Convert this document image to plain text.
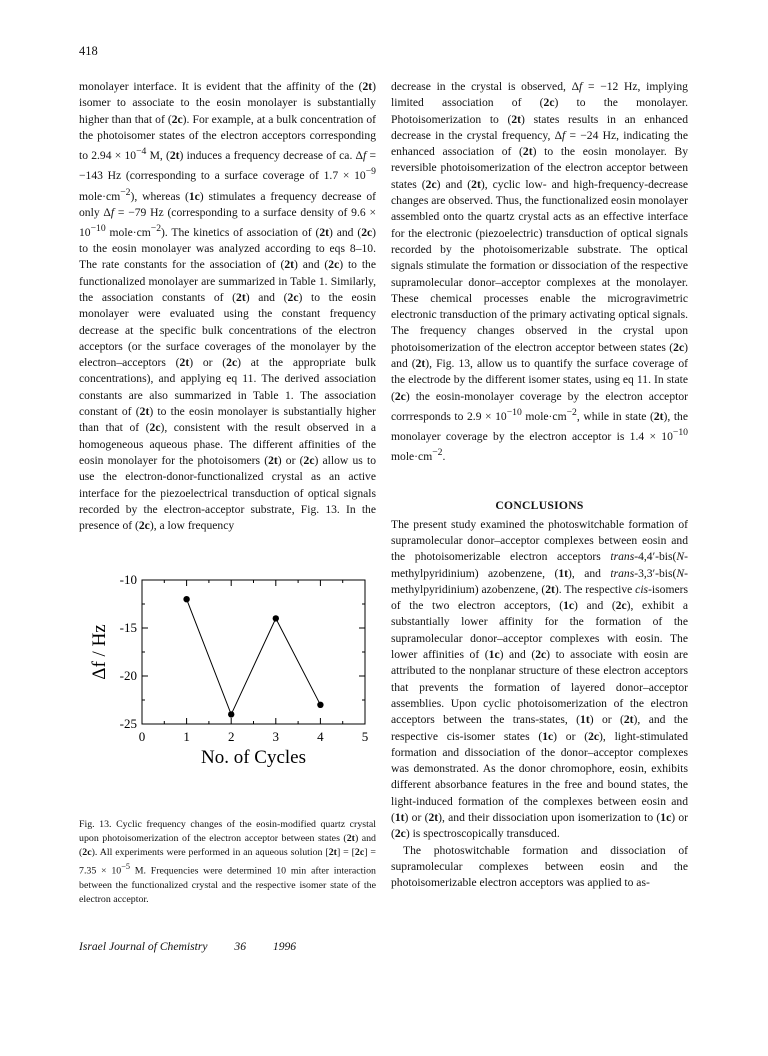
418

monolayer interface. It is evident that the affinity of the (2t) isomer to associate to the eosin monolayer is substantially higher than that of (2c). For example, at a bulk concentration of the photoisomer states of the electron acceptors corresponding to $2.94 \times 10^{-4}$ M, (2t) induces a frequency decrease of ca. Δf = −143 Hz (corresponding to a surface coverage of $1.7 \times 10^{-9}$ $mole\cdot cm^{-2}$), whereas (1c) stimulates a frequency decrease of only Δf = −79 Hz (corresponding to a surface density of $9.6 \times 10^{-10}$ $mole\cdot cm^{-2}$). The kinetics of association of (2t) and (2c) to the eosin monolayer was analyzed according to eqs 8–10. The rate constants for the association of (2t) and (2c) to the functionalized monolayer are summarized in Table 1. Similarly, the association constants of (2t) and (2c) to the eosin monolayer were evaluated using the constant frequency decrease at the specific bulk concentrations of the electron acceptors (or the surface coverages of the monolayer by the electron–acceptors (2t) or (2c) at the appropriate bulk concentrations), and applying eq 11. The derived association constants are also summarized in Table 1. The association constant of (2t) to the eosin monolayer is substantially higher than that of (2c), consistent with the result observed in a homogeneous aqueous phase. The different affinities of the eosin monolayer for the photoisomers (2t) or (2c) allow us to use the electron-donor-functionalized crystal as an active interface for the piezoelectrical transduction of optical signals recorded by the electron-acceptor substrate, Fig. 13. In the presence of (2c), a low frequency

decrease in the crystal is observed, Δf = −12 Hz, implying limited association of (2c) to the monolayer. Photoisomerization to (2t) states results in an enhanced decrease in the crystal frequency, Δf = −24 Hz, indicating the enhanced association of (2t) to the eosin monolayer. By reversible photoisomerization of the electron acceptor between states (2c) and (2t), cyclic low- and high-frequency-decrease changes are observed. Thus, the functionalized eosin monolayer assembled onto the quartz crystal acts as an effective interface for the electronic (piezoelectric) transduction of optical signals recorded by the photoisomerizable substrate. The optical signals stimulate the formation or dissociation of the respective supramolecular donor–acceptor complexes at the monolayer. These chemical processes enable the microgravimetric electronic transduction of the primary activating optical signals. The frequency changes observed in the crystal upon photoisomerization of the electron acceptor between states (2c) and (2t), Fig. 13, allow us to quantify the surface coverage of the electrode by the different isomer states, using eq 11. In state (2c) the eosin-monolayer coverage by the electron acceptor corrresponds to $2.9 \times 10^{-10}$ $mole\cdot cm^{-2}$, while in state (2t), the monolayer coverage by the electron acceptor is $1.4 \times 10^{-10}$ $mole\cdot cm^{-2}$.

CONCLUSIONS

The present study examined the photoswitchable formation of supramolecular donor–acceptor complexes between eosin and the photoisomerizable electron acceptors trans-4,4′-bis(N-methylpyridinium) azobenzene, (1t), and trans-3,3′-bis(N-methylpyridinium) azobenzene, (2t). The respective cis-isomers of the two electron acceptors, (1c) and (2c), exhibit a substantially lower affinity for the formation of the supramolecular donor–acceptor complexes with eosin. The lower affinities of (1c) and (2c) to associate with eosin are attributed to the nonplanar structure of these electron acceptors that prevents the formation of layered donor–acceptor assemblies. Upon cyclic photoisomerization of the electron acceptors between the trans-states, (1t) or (2t), and the respective cis-isomer states (1c) or (2c), light-stimulated formation and dissociation of the donor–acceptor complexes was demonstrated. As the donor chromophore, eosin, exhibits different absorbance features in the free and bound states, the light-induced formation of the complexes between eosin and (1t) or (2t), and their dissociation upon isomerization to (1c) or (2c) is spectroscopically transduced.

The photoswitchable formation and dissociation of supramolecular complexes between eosin and the photoisomerizable electron acceptors was applied to as-

0	1	2	3	4	5
-10
-15
-20
-25
No. of Cycles
Δf / Hz
Fig. 13. Cyclic frequency changes of the eosin-modified quartz crystal upon photoisomerization of the electron acceptor between states (2t) and (2c). All experiments were performed in an aqueous solution $[2t] = [2c] = 7.35 \times 10^{-5}$ M. Frequencies were determined 10 min after interaction between the functionalized crystal and the respective isomer state of the electron acceptor.
Israel Journal of Chemistry 36 1996
